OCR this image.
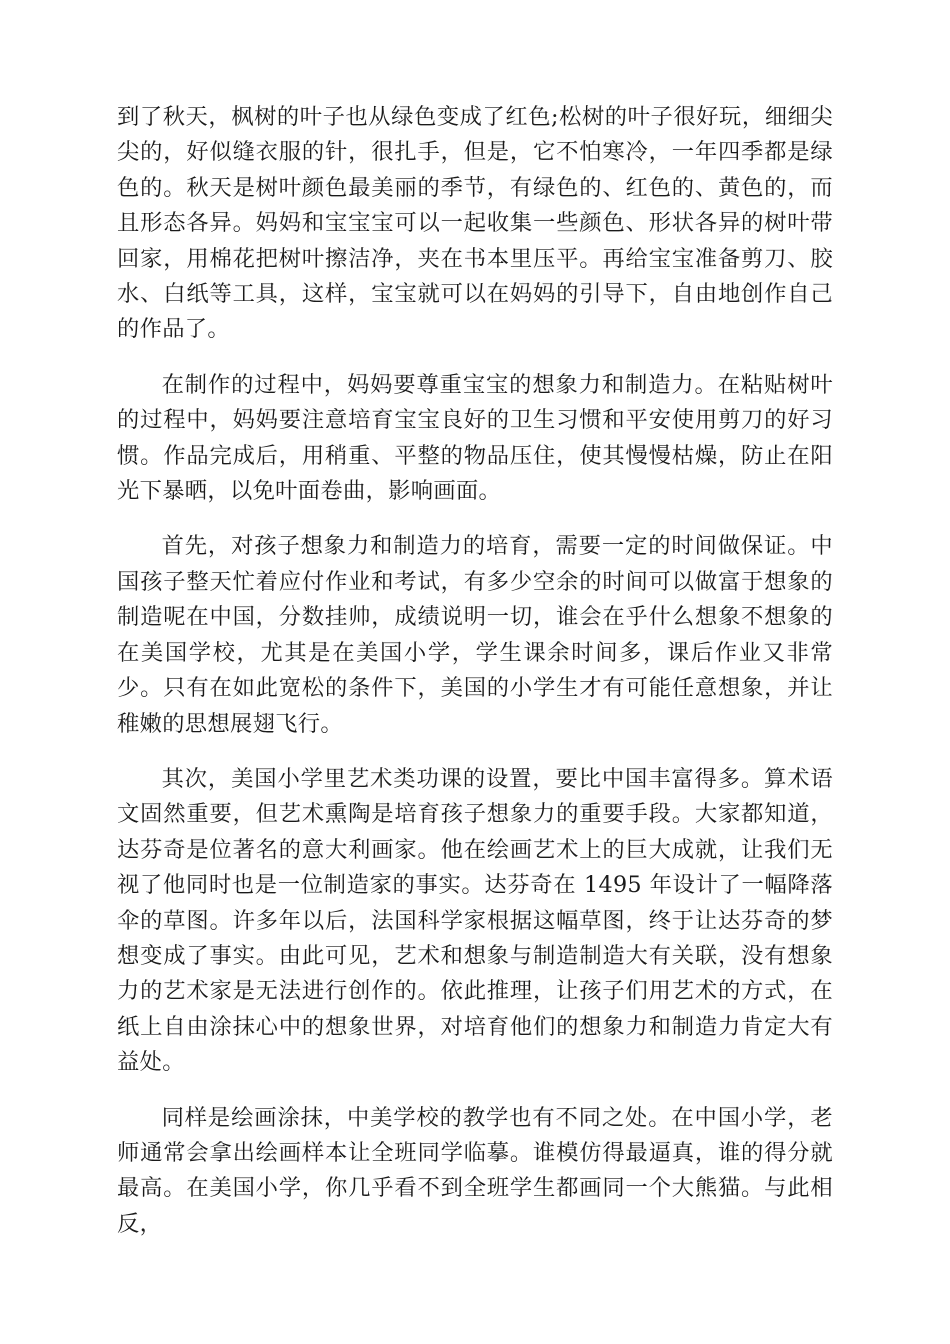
到了秋天，枫树的叶子也从绿色变成了红色;松树的叶子很好玩，细细尖尖的，好似缝衣服的针，很扎手，但是，它不怕寒冷，一年四季都是绿色的。秋天是树叶颜色最美丽的季节，有绿色的、红色的、黄色的，而且形态各异。妈妈和宝宝宝可以一起收集一些颜色、形状各异的树叶带回家，用棉花把树叶擦洁净，夹在书本里压平。再给宝宝准备剪刀、胶水、白纸等工具，这样，宝宝就可以在妈妈的引导下，自由地创作自己的作品了。

在制作的过程中，妈妈要尊重宝宝的想象力和制造力。在粘贴树叶的过程中，妈妈要注意培育宝宝良好的卫生习惯和平安使用剪刀的好习惯。作品完成后，用稍重、平整的物品压住，使其慢慢枯燥，防止在阳光下暴晒，以免叶面卷曲，影响画面。

首先，对孩子想象力和制造力的培育，需要一定的时间做保证。中国孩子整天忙着应付作业和考试，有多少空余的时间可以做富于想象的制造呢在中国，分数挂帅，成绩说明一切，谁会在乎什么想象不想象的在美国学校，尤其是在美国小学，学生课余时间多，课后作业又非常少。只有在如此宽松的条件下，美国的小学生才有可能任意想象，并让稚嫩的思想展翅飞行。

其次，美国小学里艺术类功课的设置，要比中国丰富得多。算术语文固然重要，但艺术熏陶是培育孩子想象力的重要手段。大家都知道，达芬奇是位著名的意大利画家。他在绘画艺术上的巨大成就，让我们无视了他同时也是一位制造家的事实。达芬奇在 1495 年设计了一幅降落伞的草图。许多年以后，法国科学家根据这幅草图，终于让达芬奇的梦想变成了事实。由此可见，艺术和想象与制造制造大有关联，没有想象力的艺术家是无法进行创作的。依此推理，让孩子们用艺术的方式，在纸上自由涂抹心中的想象世界，对培育他们的想象力和制造力肯定大有益处。

同样是绘画涂抹，中美学校的教学也有不同之处。在中国小学，老师通常会拿出绘画样本让全班同学临摹。谁模仿得最逼真，谁的得分就最高。在美国小学，你几乎看不到全班学生都画同一个大熊猫。与此相反，
